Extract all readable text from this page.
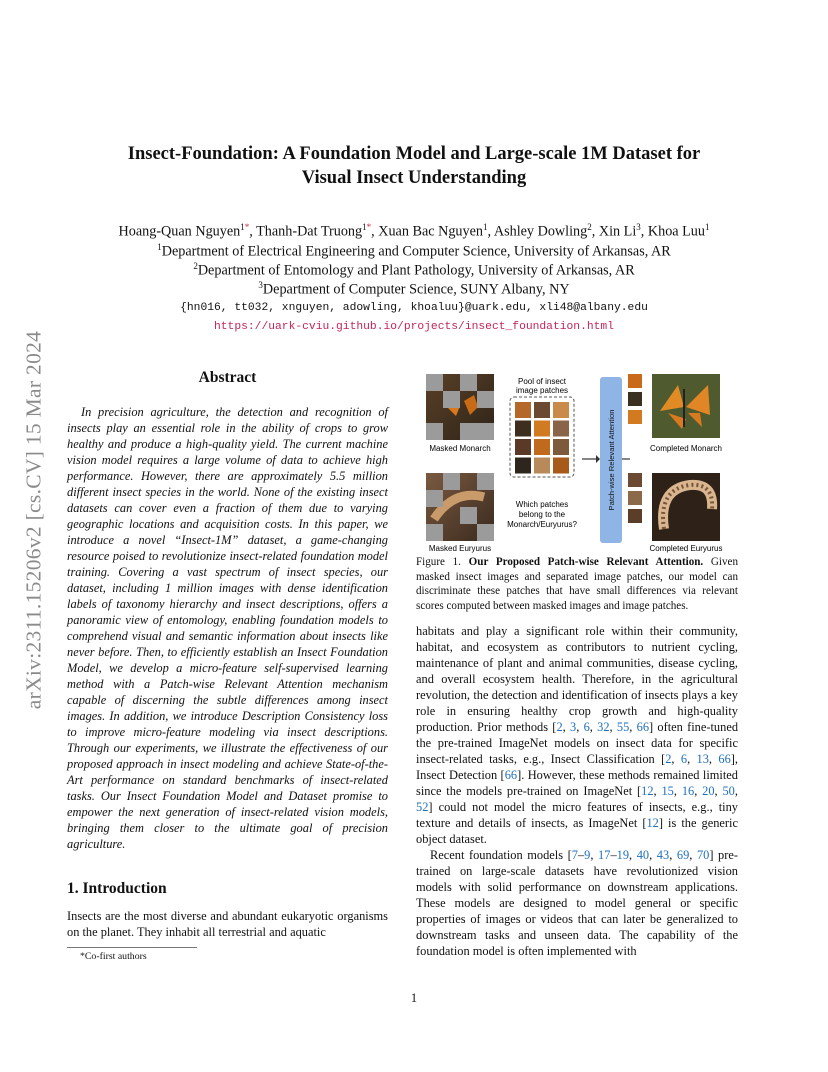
arXiv:2311.15206v2 [cs.CV] 15 Mar 2024
Insect-Foundation: A Foundation Model and Large-scale 1M Dataset for
Visual Insect Understanding
Hoang-Quan Nguyen$^{1*}$, Thanh-Dat Truong$^{1*}$, Xuan Bac Nguyen$^1$, Ashley Dowling$^2$, Xin Li$^3$, Khoa Luu$^1$
$^1$Department of Electrical Engineering and Computer Science, University of Arkansas, AR
$^2$Department of Entomology and Plant Pathology, University of Arkansas, AR
$^3$Department of Computer Science, SUNY Albany, NY
{hn016, tt032, xnguyen, adowling, khoaluu}@uark.edu, xli48@albany.edu
https://uark-cviu.github.io/projects/insect_foundation.html
Abstract
In precision agriculture, the detection and recognition of insects play an essential role in the ability of crops to grow healthy and produce a high-quality yield. The current machine vision model requires a large volume of data to achieve high performance. However, there are approximately 5.5 million different insect species in the world. None of the existing insect datasets can cover even a fraction of them due to varying geographic locations and acquisition costs. In this paper, we introduce a novel “Insect-1M” dataset, a game-changing resource poised to revolutionize insect-related foundation model training. Covering a vast spectrum of insect species, our dataset, including 1 million images with dense identification labels of taxonomy hierarchy and insect descriptions, offers a panoramic view of entomology, enabling foundation models to comprehend visual and semantic information about insects like never before. Then, to efficiently establish an Insect Foundation Model, we develop a micro-feature self-supervised learning method with a Patch-wise Relevant Attention mechanism capable of discerning the subtle differences among insect images. In addition, we introduce Description Consistency loss to improve micro-feature modeling via insect descriptions. Through our experiments, we illustrate the effectiveness of our proposed approach in insect modeling and achieve State-of-the-Art performance on standard benchmarks of insect-related tasks. Our Insect Foundation Model and Dataset promise to empower the next generation of insect-related vision models, bringing them closer to the ultimate goal of precision agriculture.
1. Introduction
Insects are the most diverse and abundant eukaryotic organisms on the planet. They inhabit all terrestrial and aquatic
*Co-first authors
1
Masked Monarch	Completed Monarch
Masked Euryurus	Completed Euryurus
Pool of insect
image patches
Which patches
belong to the
Monarch/Euryurus?
Patch-wise Relevant Attention
Figure 1. Our Proposed Patch-wise Relevant Attention. Given masked insect images and separated image patches, our model can discriminate these patches that have small differences via relevant scores computed between masked images and image patches.

habitats and play a significant role within their community, habitat, and ecosystem as contributors to nutrient cycling, maintenance of plant and animal communities, disease cycling, and overall ecosystem health. Therefore, in the agricultural revolution, the detection and identification of insects plays a key role in ensuring healthy crop growth and high-quality production. Prior methods [2, 3, 6, 32, 55, 66] often fine-tuned the pre-trained ImageNet models on insect data for specific insect-related tasks, e.g., Insect Classification [2, 6, 13, 66], Insect Detection [66]. However, these methods remained limited since the models pre-trained on ImageNet [12, 15, 16, 20, 50, 52] could not model the micro features of insects, e.g., tiny texture and details of insects, as ImageNet [12] is the generic object dataset.

Recent foundation models [7–9, 17–19, 40, 43, 69, 70] pre-trained on large-scale datasets have revolutionized vision models with solid performance on downstream applications. These models are designed to model general or specific properties of images or videos that can later be generalized to downstream tasks and unseen data. The capability of the foundation model is often implemented with
